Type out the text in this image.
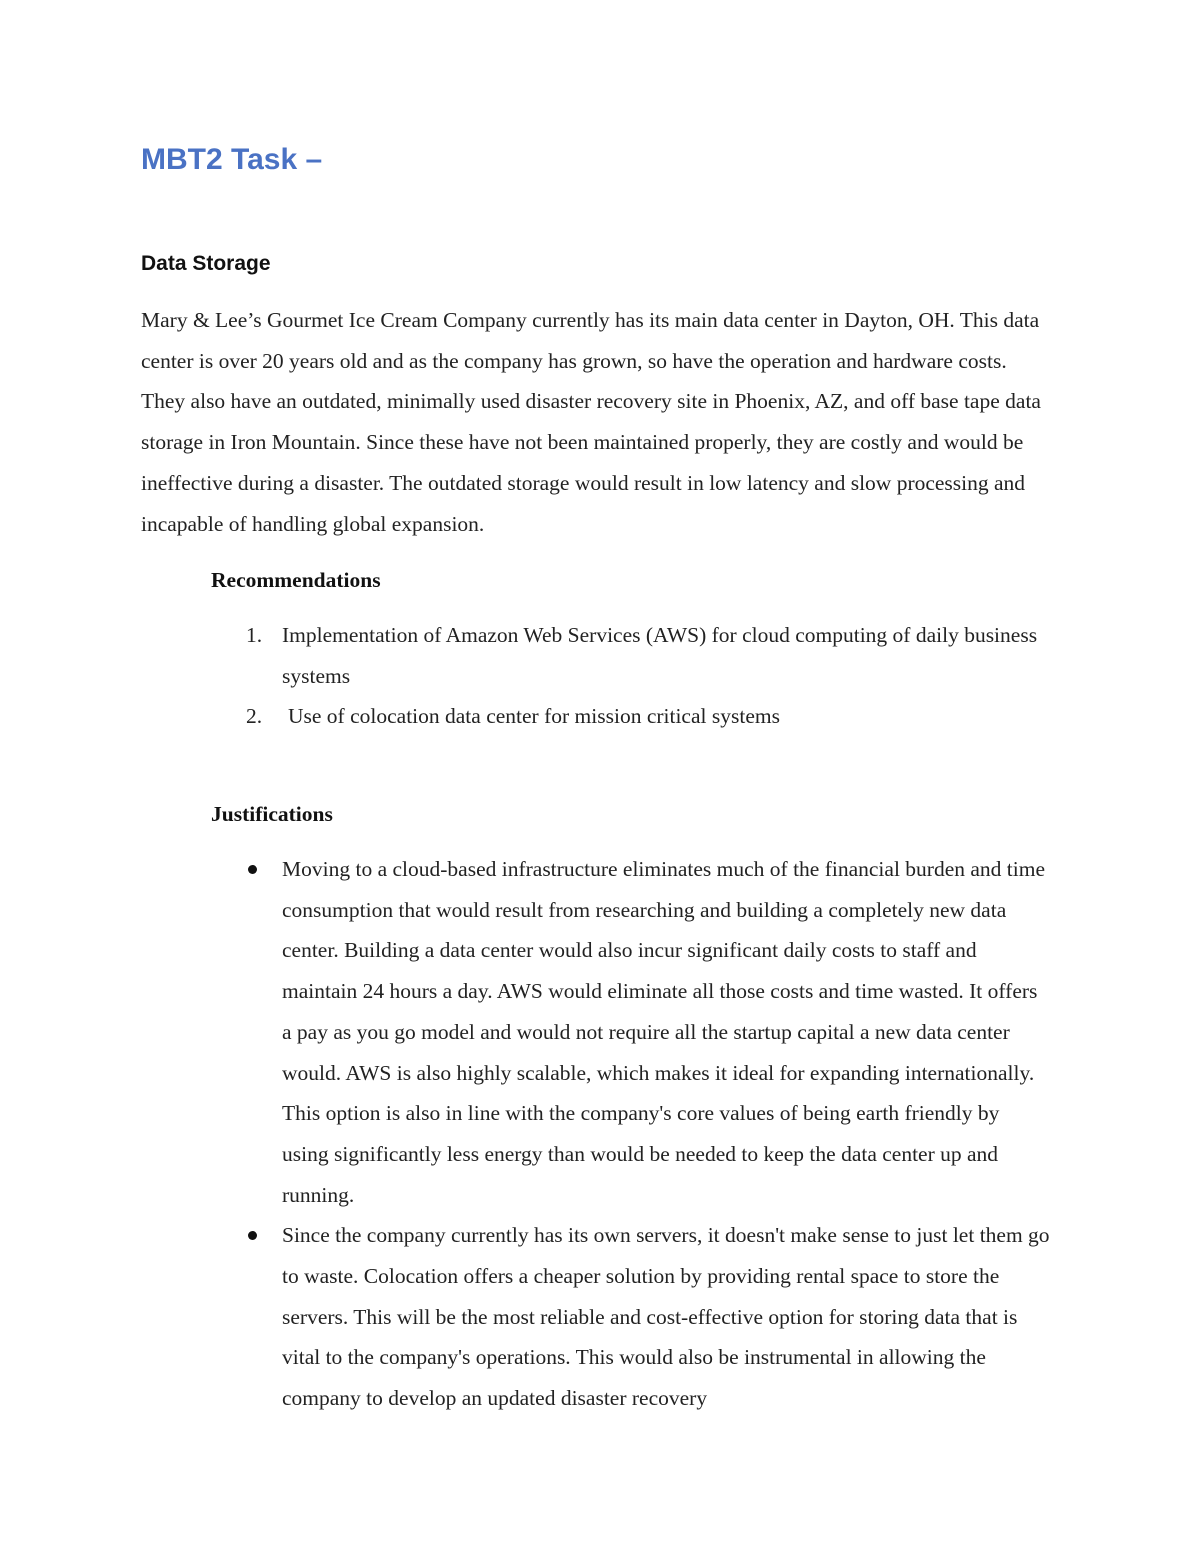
MBT2 Task –
Data Storage

Mary & Lee’s Gourmet Ice Cream Company currently has its main data center in Dayton, OH. This data center is over 20 years old and as the company has grown, so have the operation and hardware costs. They also have an outdated, minimally used disaster recovery site in Phoenix, AZ, and off base tape data storage in Iron Mountain. Since these have not been maintained properly, they are costly and would be ineffective during a disaster. The outdated storage would result in low latency and slow processing and incapable of handling global expansion.

Recommendations
1. Implementation of Amazon Web Services (AWS) for cloud computing of daily business systems
2. Use of colocation data center for mission critical systems
Justifications
Moving to a cloud-based infrastructure eliminates much of the financial burden and time consumption that would result from researching and building a completely new data center. Building a data center would also incur significant daily costs to staff and maintain 24 hours a day. AWS would eliminate all those costs and time wasted. It offers a pay as you go model and would not require all the startup capital a new data center would. AWS is also highly scalable, which makes it ideal for expanding internationally. This option is also in line with the company's core values of being earth friendly by using significantly less energy than would be needed to keep the data center up and running.
Since the company currently has its own servers, it doesn't make sense to just let them go to waste. Colocation offers a cheaper solution by providing rental space to store the servers. This will be the most reliable and cost-effective option for storing data that is vital to the company's operations. This would also be instrumental in allowing the company to develop an updated disaster recovery
